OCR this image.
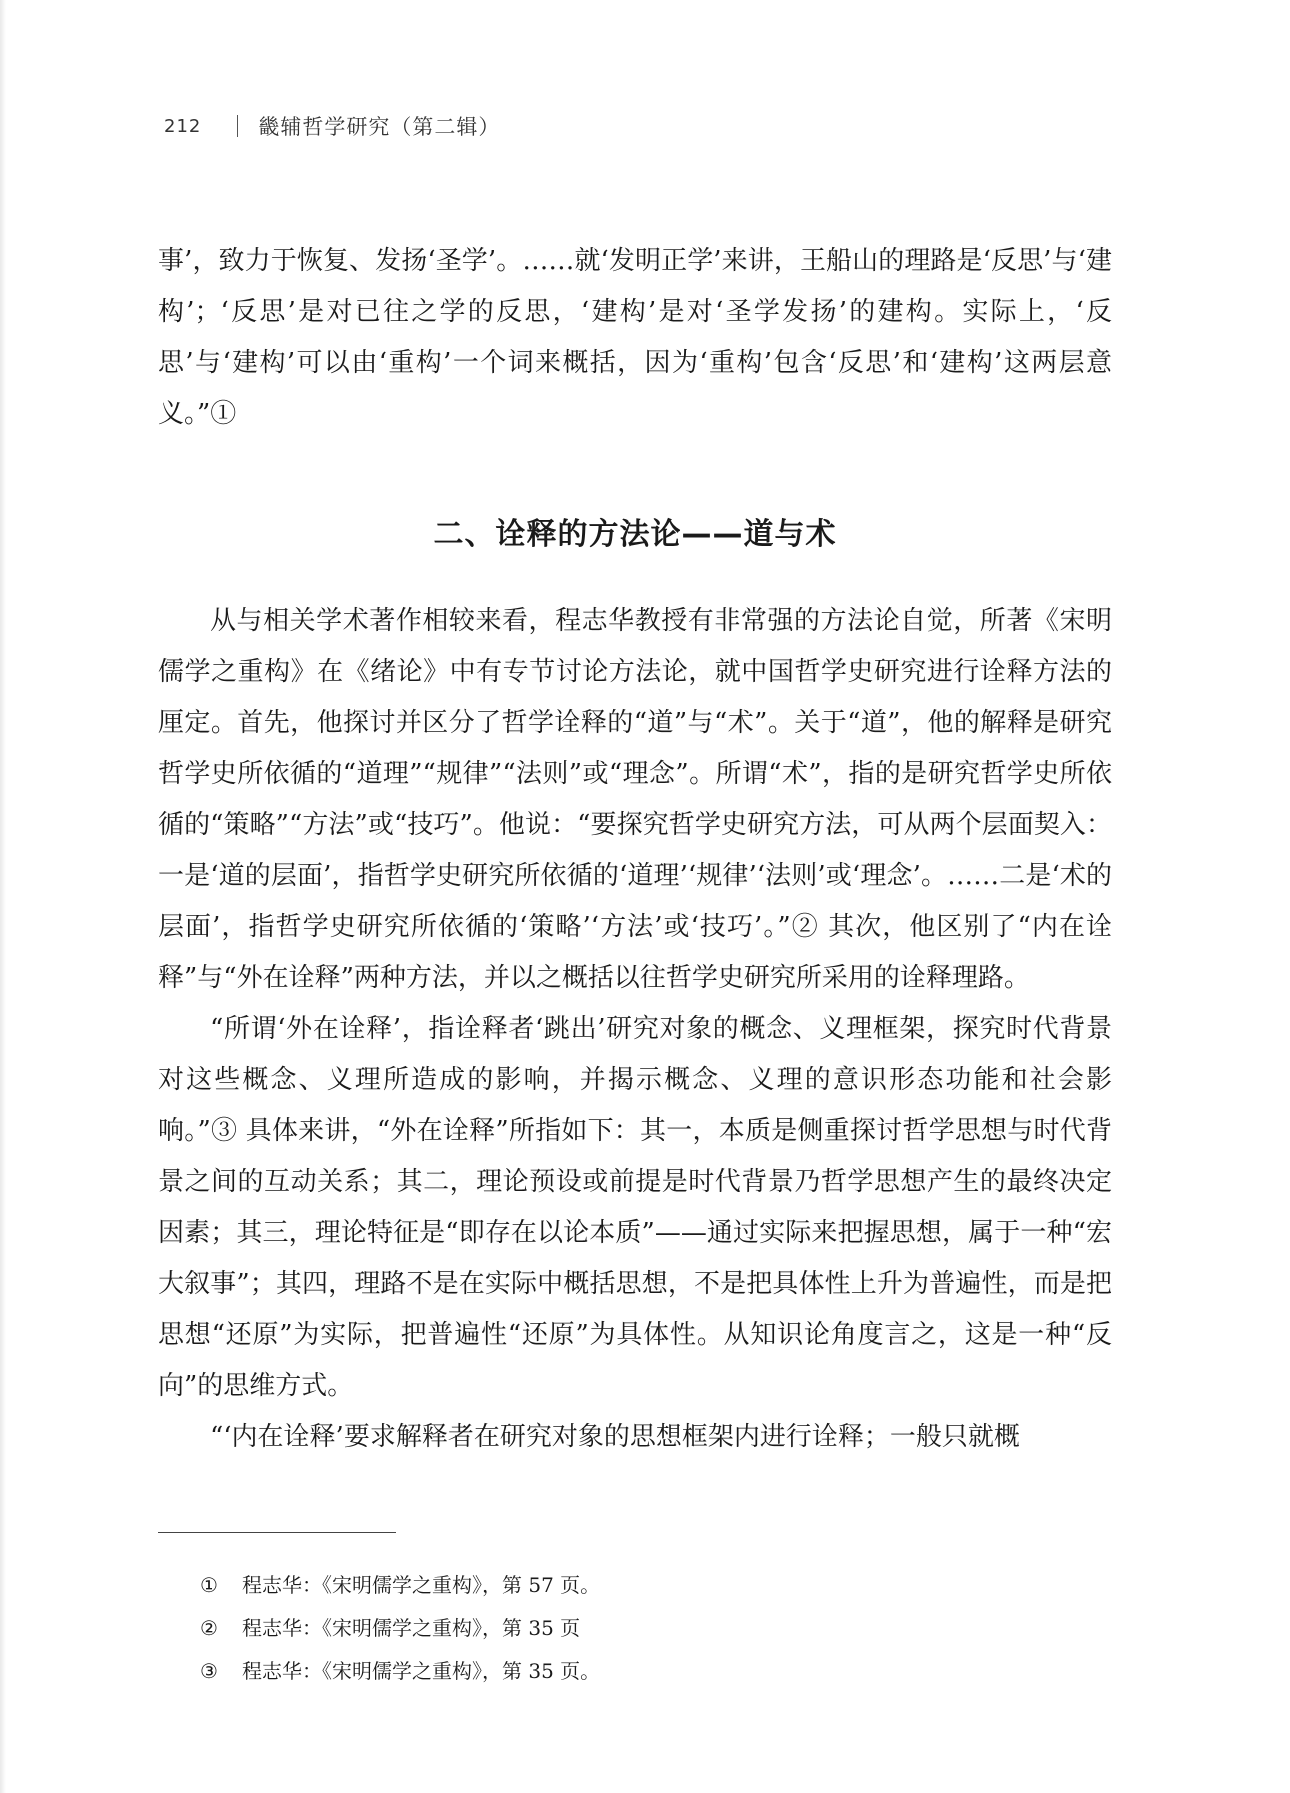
212	畿辅哲学研究（第二辑）

事’，致力于恢复、发扬‘圣学’。……就‘发明正学’来讲，王船山的理路是‘反思’与‘建构’；‘反思’是对已往之学的反思，‘建构’是对‘圣学发扬’的建构。实际上，‘反思’与‘建构’可以由‘重构’一个词来概括，因为‘重构’包含‘反思’和‘建构’这两层意义。”①

二、诠释的方法论——道与术

从与相关学术著作相较来看，程志华教授有非常强的方法论自觉，所著《宋明儒学之重构》在《绪论》中有专节讨论方法论，就中国哲学史研究进行诠释方法的厘定。首先，他探讨并区分了哲学诠释的“道”与“术”。关于“道”，他的解释是研究哲学史所依循的“道理”“规律”“法则”或“理念”。所谓“术”，指的是研究哲学史所依循的“策略”“方法”或“技巧”。他说：“要探究哲学史研究方法，可从两个层面契入：一是‘道的层面’，指哲学史研究所依循的‘道理’‘规律’‘法则’或‘理念’。……二是‘术的层面’，指哲学史研究所依循的‘策略’‘方法’或‘技巧’。”② 其次，他区别了“内在诠释”与“外在诠释”两种方法，并以之概括以往哲学史研究所采用的诠释理路。

“所谓‘外在诠释’，指诠释者‘跳出’研究对象的概念、义理框架，探究时代背景对这些概念、义理所造成的影响，并揭示概念、义理的意识形态功能和社会影响。”③ 具体来讲，“外在诠释”所指如下：其一，本质是侧重探讨哲学思想与时代背景之间的互动关系；其二，理论预设或前提是时代背景乃哲学思想产生的最终决定因素；其三，理论特征是“即存在以论本质”——通过实际来把握思想，属于一种“宏大叙事”；其四，理路不是在实际中概括思想，不是把具体性上升为普遍性，而是把思想“还原”为实际，把普遍性“还原”为具体性。从知识论角度言之，这是一种“反向”的思维方式。

“‘内在诠释’要求解释者在研究对象的思想框架内进行诠释；一般只就概

①	程志华：《宋明儒学之重构》，第 57 页。
②	程志华：《宋明儒学之重构》，第 35 页
③	程志华：《宋明儒学之重构》，第 35 页。
